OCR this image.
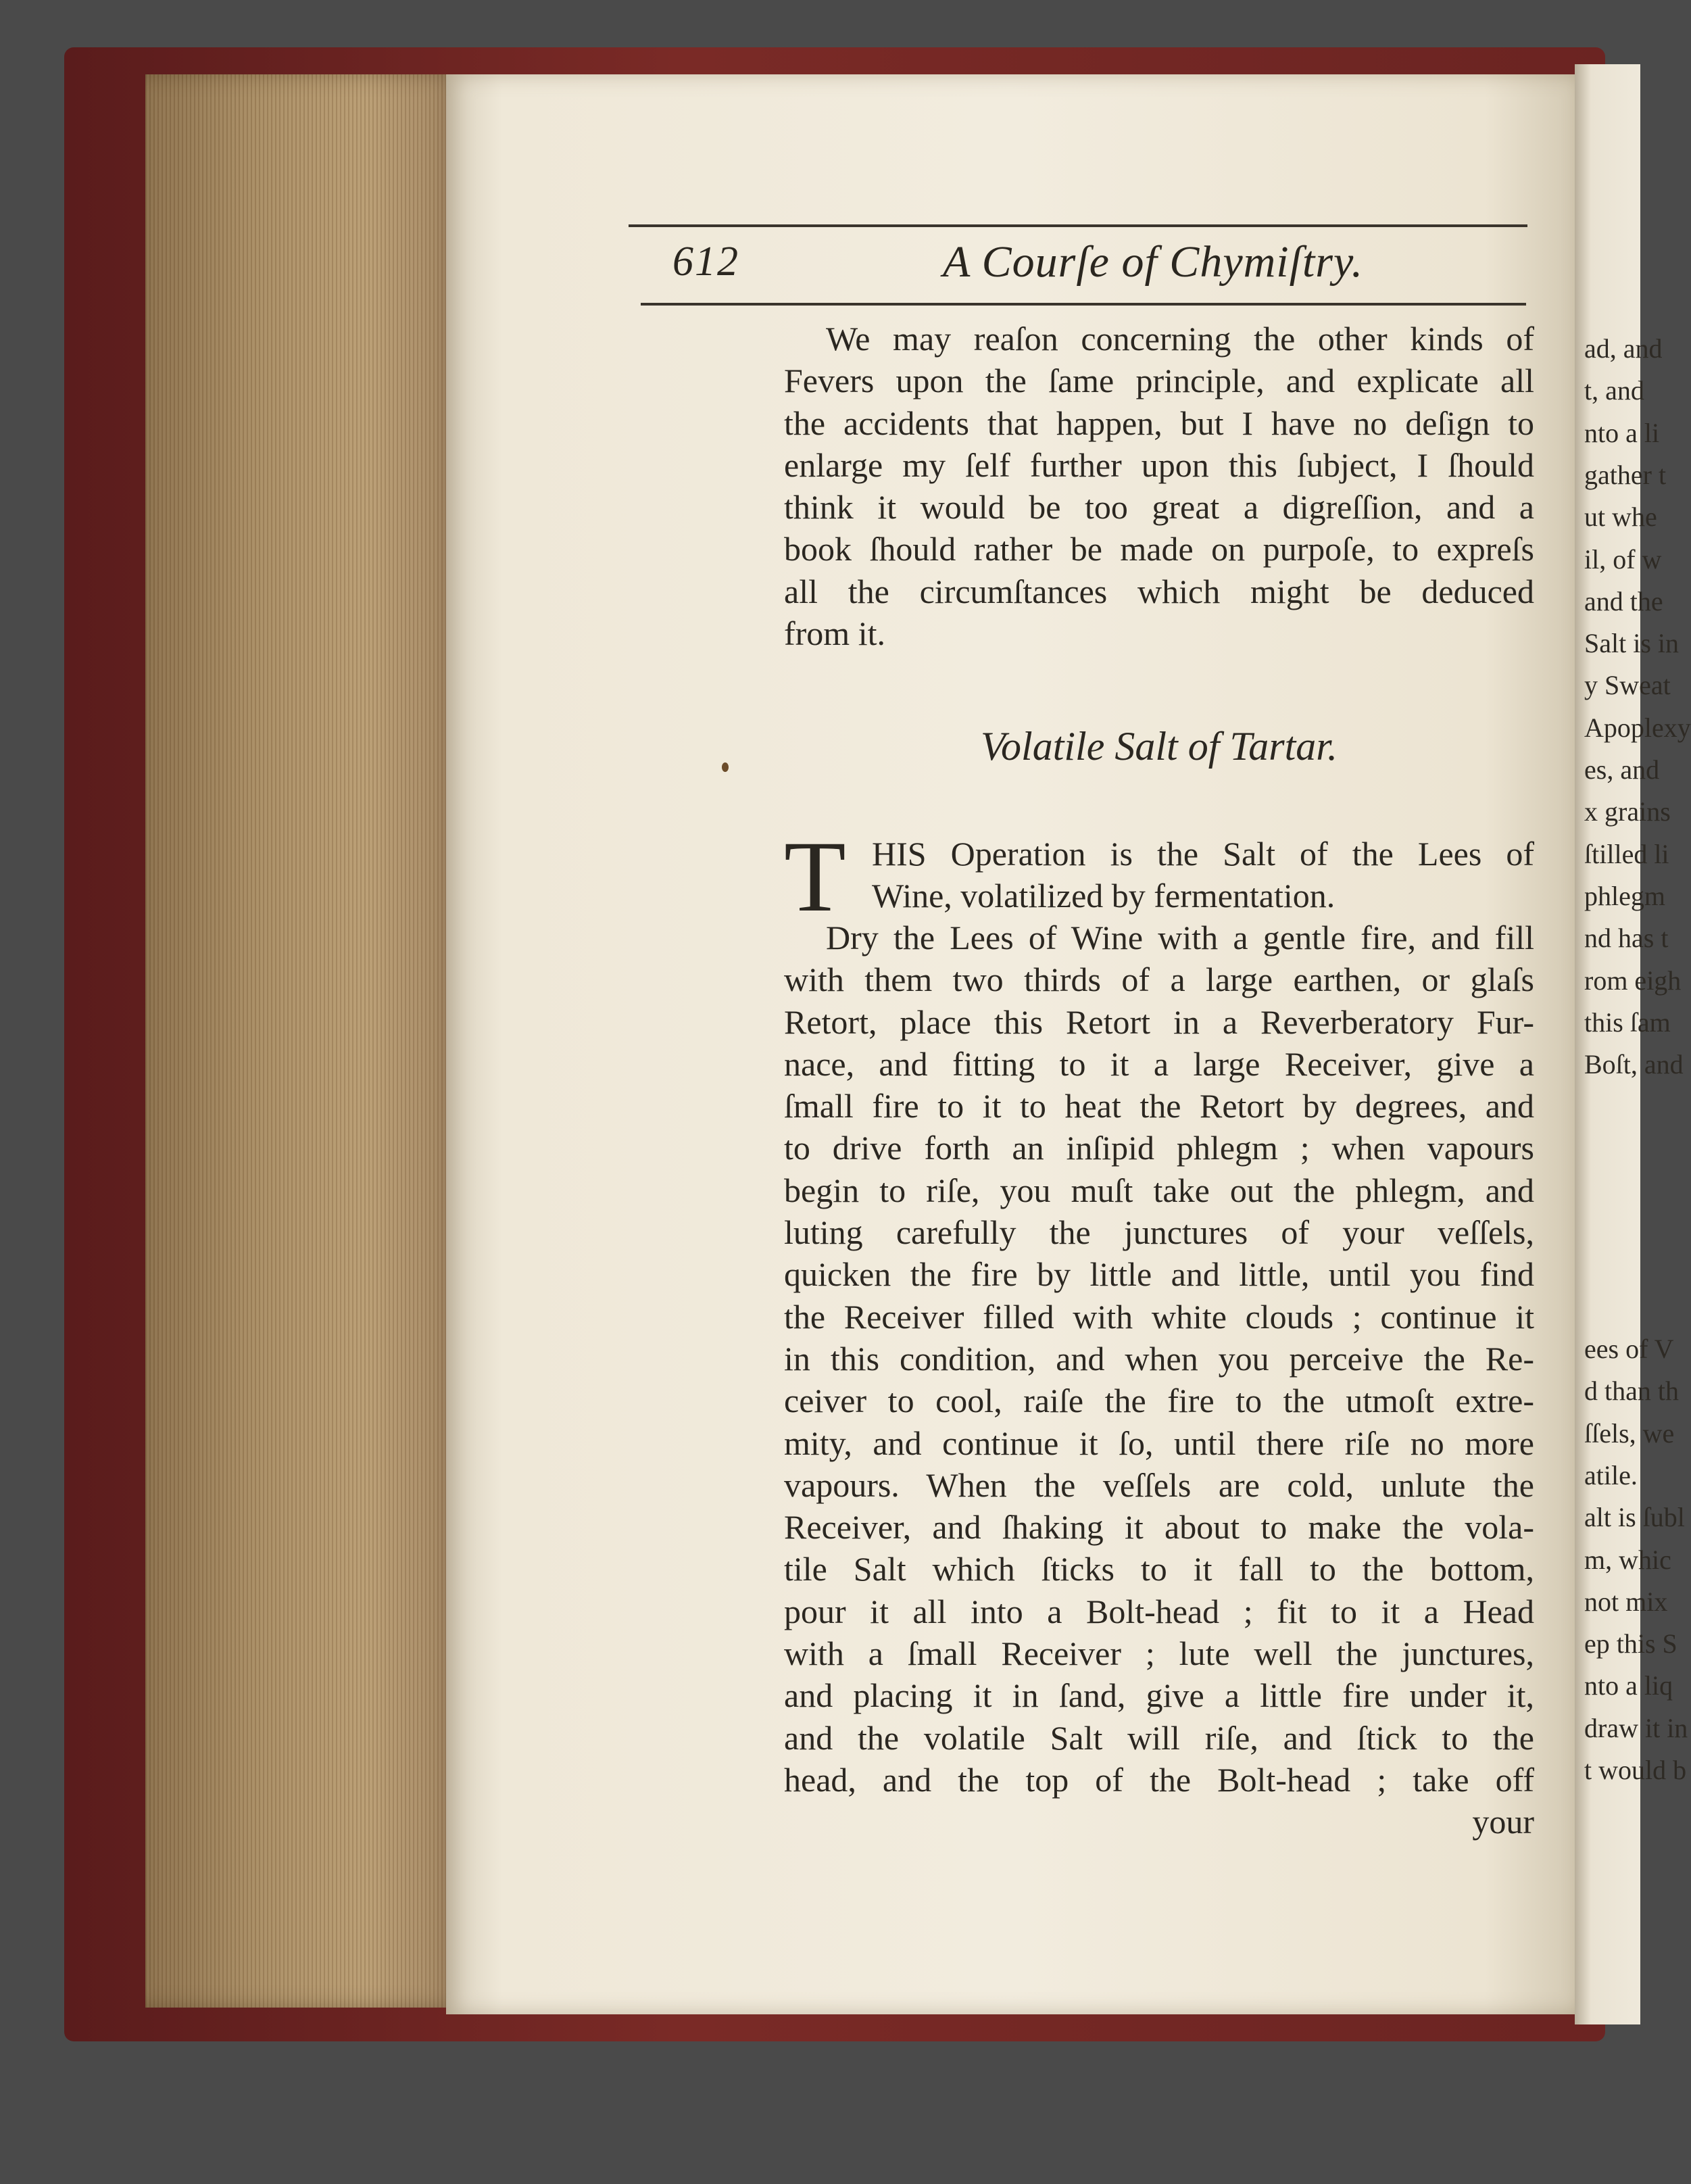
ad, and
t, and
nto a li
gather t
ut whe
il, of w
and the
Salt is in
y Sweat
Apoplexy
es, and
x grains
ſtilled li
phlegm
nd has t
rom eigh
this ſam
Boſt, and
ees of V
d than th
ſſels, we
atile.
alt is ſubl
m, whic
not mix
ep this S
nto a liq
draw it in
t would b
612	A Courſe of Chymiſtry.
We may reaſon concerning the other kinds of
Fevers upon the ſame principle, and explicate all
the accidents that happen, but I have no deſign to
enlarge my ſelf further upon this ſubject, I ſhould
think it would be too great a digreſſion, and a
book ſhould rather be made on purpoſe, to expreſs
all the circumſtances which might be deduced
from it.
Volatile Salt of Tartar.
T HIS Operation is the Salt of the Lees of
Wine, volatilized by fermentation.
Dry the Lees of Wine with a gentle fire, and fill
with them two thirds of a large earthen, or glaſs
Retort, place this Retort in a Reverberatory Fur-
nace, and fitting to it a large Receiver, give a
ſmall fire to it to heat the Retort by degrees, and
to drive forth an inſipid phlegm ; when vapours
begin to riſe, you muſt take out the phlegm, and
luting carefully the junctures of your veſſels,
quicken the fire by little and little, until you find
the Receiver filled with white clouds ; continue it
in this condition, and when you perceive the Re-
ceiver to cool, raiſe the fire to the utmoſt extre-
mity, and continue it ſo, until there riſe no more
vapours. When the veſſels are cold, unlute the
Receiver, and ſhaking it about to make the vola-
tile Salt which ſticks to it fall to the bottom,
pour it all into a Bolt-head ; fit to it a Head
with a ſmall Receiver ; lute well the junctures,
and placing it in ſand, give a little fire under it,
and the volatile Salt will riſe, and ſtick to the
head, and the top of the Bolt-head ; take off
your
